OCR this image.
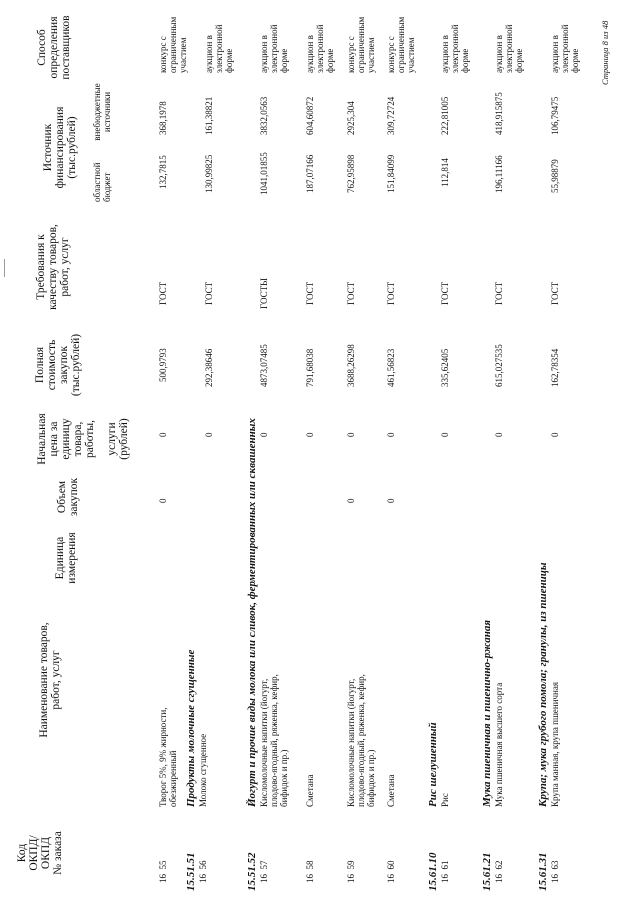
Код ОКПД/ ОКПД № заказа
Наименование товаров, работ, услуг
Единица измерения
Объем закупок
Начальная цена за единицу товара, работы, услуги (рублей)
Полная стоимость закупок (тыс.рублей)
Требования к качеству товаров, работ, услуг
Источник финансирования (тыс.рублей)
областной бюджет
внебюджетные источники
Способ определения поставщиков
16  55
Творог 5%, 9% жирности, обезжиренный
0
0
500,9793
ГОСТ
132,7815
368,1978
конкурс с ограниченным участием
15.51.51
Продукты молочные сгущенные
16  56
Молоко сгущенное
0
292,38646
ГОСТ
130,99825
161,38821
аукцион в электронной форме
15.51.52
Йогурт и прочие виды молока или сливок, ферментированных или сквашенных
16  57
Кисломолочные напитки (йогурт, плодово-ягодный, ряженка, кефир, бифидок и пр.)
0
4873,07485
ГОСТЫ
1041,01855
3832,0563
аукцион в электронной форме
16  58
Сметана
0
791,68038
ГОСТ
187,07166
604,60872
аукцион в электронной форме
16  59
Кисломолочные напитки (йогурт, плодово-ягодный, ряженка, кефир, бифидок и пр.)
0
0
3688,26298
ГОСТ
762,95898
2925,304
конкурс с ограниченным участием
16  60
Сметана
0
0
461,56823
ГОСТ
151,84099
309,72724
конкурс с ограниченным участием
15.61.10
Рис шелушенный
16  61
Рис
0
335,62405
ГОСТ
112,814
222,81005
аукцион в электронной форме
15.61.21
Мука пшеничная и пшенично-ржаная
16  62
Мука пшеничная высшего сорта
0
615,027535
ГОСТ
196,11166
418,915875
аукцион в электронной форме
15.61.31
Крупа; мука грубого помола; гранулы, из пшеницы
16  63
Крупа манная, крупа пшеничная
0
162,78354
ГОСТ
55,98879
106,79475
аукцион в электронной форме Страница 8 из 48
